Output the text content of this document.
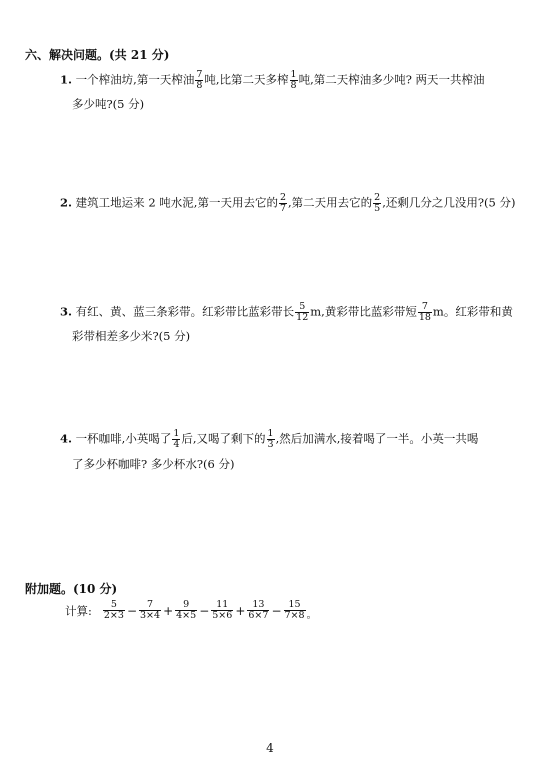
六、解决问题。(共 21 分)
1. 一个榨油坊,第一天榨油 $\frac{7}{8}$ 吨,比第二天多榨 $\frac{1}{8}$ 吨,第二天榨油多少吨? 两天一共榨油
多少吨?(5 分)
2. 建筑工地运来 2 吨水泥,第一天用去它的 $\frac{2}{7}$ ,第二天用去它的 $\frac{2}{5}$ ,还剩几分之几没用?(5 分)
3. 有红、黄、蓝三条彩带。红彩带比蓝彩带长 $\frac{5}{12} m$,黄彩带比蓝彩带短 $\frac{7}{18}$ m。红彩带和黄
彩带相差多少米?(5 分)
4. 一杯咖啡,小英喝了 $\frac{1}{4}$ 后,又喝了剩下的 $\frac{1}{3}$ ,然后加满水,接着喝了一半。小英一共喝
了多少杯咖啡? 多少杯水?(6 分)
附加题。(10 分)
计算: $\frac{5}{2\times 3} - \frac{7}{3\times 4} + \frac{9}{4\times 5} - \frac{11}{5\times 6} + \frac{13}{6\times 7} - \frac{15}{7\times 8}$ 。
4
